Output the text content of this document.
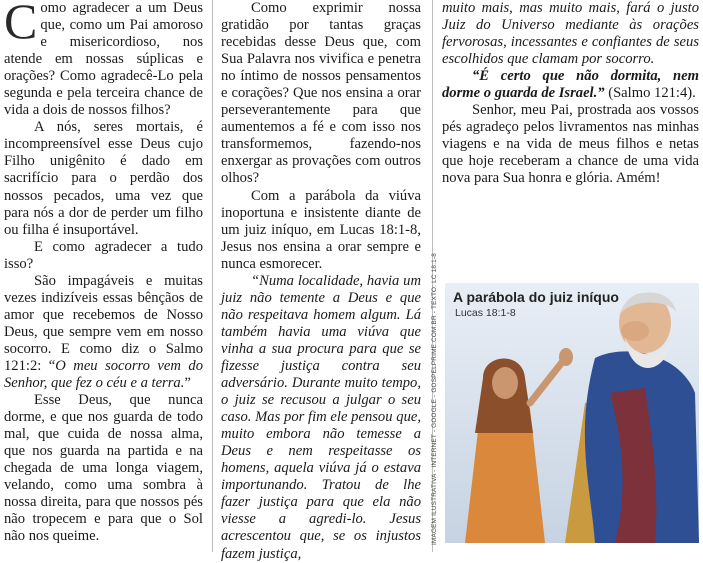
Como agradecer a um Deus que, como um Pai amoroso e misericordioso, nos atende em nossas súplicas e orações? Como agradecê-Lo pela segunda e pela terceira chance de vida a dois de nossos filhos?

A nós, seres mortais, é incompreensível esse Deus cujo Filho unigênito é dado em sacrifício para o perdão dos nossos pecados, uma vez que para nós a dor de perder um filho ou filha é insuportável.

E como agradecer a tudo isso?

São impagáveis e muitas vezes indizíveis essas bênçãos de amor que recebemos de Nosso Deus, que sempre vem em nosso socorro. E como diz o Salmo 121:2: “O meu socorro vem do Senhor, que fez o céu e a terra.”

Esse Deus, que nunca dorme, e que nos guarda de todo mal, que cuida de nossa alma, que nos guarda na partida e na chegada de uma longa viagem, velando, como uma sombra à nossa direita, para que nossos pés não tropecem e para que o Sol não nos queime.

Como exprimir nossa gratidão por tantas graças recebidas desse Deus que, com Sua Palavra nos vivifica e penetra no íntimo de nossos pensamentos e corações? Que nos ensina a orar perseverantemente para que aumentemos a fé e com isso nos transformemos, fazendo-nos enxergar as provações com outros olhos?

Com a parábola da viúva inoportuna e insistente diante de um juiz iníquo, em Lucas 18:1-8, Jesus nos ensina a orar sempre e nunca esmorecer.

“Numa localidade, havia um juiz não temente a Deus e que não respeitava homem algum. Lá também havia uma viúva que vinha a sua procura para que se fizesse justiça contra seu adversário. Durante muito tempo, o juiz se recusou a julgar o seu caso. Mas por fim ele pensou que, muito embora não temesse a Deus e nem respeitasse os homens, aquela viúva já o estava importunando. Tratou de lhe fazer justiça para que ela não viesse a agredi-lo. Jesus acrescentou que, se os injustos fazem justiça,

muito mais, mas muito mais, fará o justo Juiz do Universo mediante às orações fervorosas, incessantes e confiantes de seus escolhidos que clamam por socorro.

“É certo que não dormita, nem dorme o guarda de Israel.” (Salmo 121:4).

Senhor, meu Pai, prostrada aos vossos pés agradeço pelos livramentos nas minhas viagens e na vida de meus filhos e netas que hoje receberam a chance de uma vida nova para Sua honra e glória. Amém!

IMAGEM ILUSTRATIVA - INTERNET - GOOGLE - GOSPELPRIME.COM.BR - TEXTO: LC 18:1-8 A parábola do juiz iníquo
Lucas 18:1-8
